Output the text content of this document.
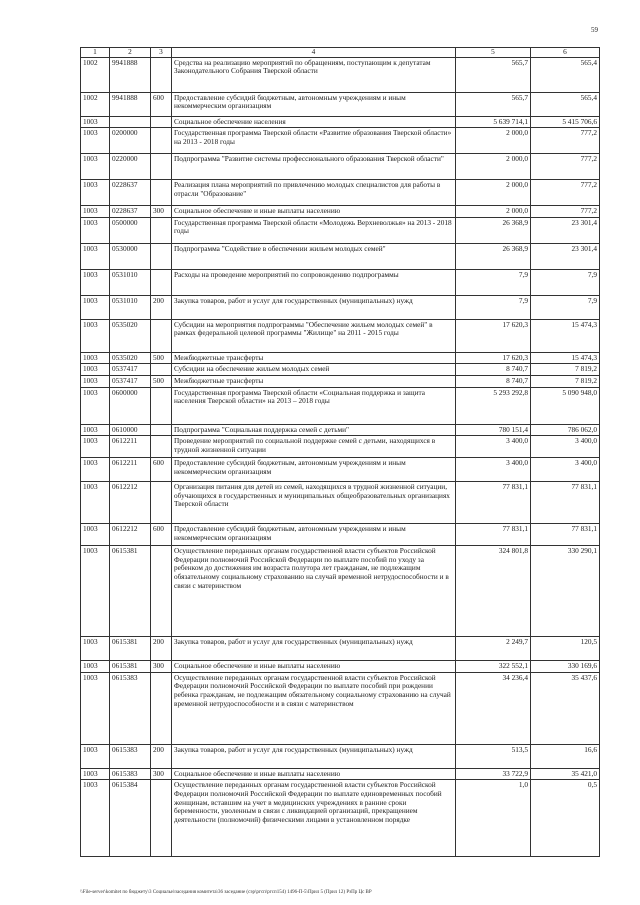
59
1	2	3	4	5	6
1002	9941888		Средства на реализацию мероприятий по обращениям, поступающим к депутатам Законодательного Собрания Тверской области	565,7	565,4
1002	9941888	600	Предоставление субсидий бюджетным, автономным учреждениям и иным некоммерческим организациям	565,7	565,4
1003			Социальное обеспечение населения	5 639 714,1	5 415 706,6
1003	0200000		Государственная программа Тверской области «Развитие образования Тверской области» на 2013 - 2018 годы	2 000,0	777,2
1003	0220000		Подпрограмма "Развитие системы профессионального образования Тверской области"	2 000,0	777,2
1003	0228637		Реализация плана мероприятий по привлечению молодых специалистов для работы в отрасли "Образование"	2 000,0	777,2
1003	0228637	300	Социальное обеспечение и иные выплаты населению	2 000,0	777,2
1003	0500000		Государственная программа Тверской области «Молодежь Верхневолжья» на 2013 - 2018 годы	26 368,9	23 301,4
1003	0530000		Подпрограмма "Содействие в обеспечении жильем молодых семей"	26 368,9	23 301,4
1003	0531010		Расходы на проведение мероприятий по сопровождению подпрограммы	7,9	7,9
1003	0531010	200	Закупка товаров, работ и услуг для государственных (муниципальных) нужд	7,9	7,9
1003	0535020		Субсидии на мероприятия подпрограммы "Обеспечение жильем молодых семей" в рамках федеральной целевой программы "Жилище" на 2011 - 2015 годы	17 620,3	15 474,3
1003	0535020	500	Межбюджетные трансферты	17 620,3	15 474,3
1003	0537417		Субсидии на обеспечение жильем молодых семей	8 740,7	7 819,2
1003	0537417	500	Межбюджетные трансферты	8 740,7	7 819,2
1003	0600000		Государственная программа Тверской области «Социальная поддержка и защита населения Тверской области» на 2013 – 2018 годы	5 293 292,8	5 090 948,0
1003	0610000		Подпрограмма "Социальная поддержка семей с детьми"	780 151,4	786 062,0
1003	0612211		Проведение мероприятий по социальной поддержке семей с детьми, находящихся в трудной жизненной ситуации	3 400,0	3 400,0
1003	0612211	600	Предоставление субсидий бюджетным, автономным учреждениям и иным некоммерческим организациям	3 400,0	3 400,0
1003	0612212		Организация питания для детей из семей, находящихся в трудной жизненной ситуации, обучающихся в государственных и муниципальных общеобразовательных организациях Тверской области	77 831,1	77 831,1
1003	0612212	600	Предоставление субсидий бюджетным, автономным учреждениям и иным некоммерческим организациям	77 831,1	77 831,1
1003	0615381		Осуществление переданных органам государственной власти субъектов Российской Федерации полномочий Российской Федерации по выплате пособий по уходу за ребенком до достижения им возраста полутора лет гражданам, не подлежащим обязательному социальному страхованию на случай временной нетрудоспособности и в связи с материнством	324 801,8	330 290,1
1003	0615381	200	Закупка товаров, работ и услуг для государственных (муниципальных) нужд	2 249,7	120,5
1003	0615381	300	Социальное обеспечение и иные выплаты населению	322 552,1	330 169,6
1003	0615383		Осуществление переданных органам государственной власти субъектов Российской Федерации полномочий Российской Федерации по выплате пособий при рождении ребенка гражданам, не подлежащим обязательному социальному страхованию на случай временной нетрудоспособности и в связи с материнством	34 236,4	35 437,6
1003	0615383	200	Закупка товаров, работ и услуг для государственных (муниципальных) нужд	513,5	16,6
1003	0615383	300	Социальное обеспечение и иные выплаты населению	33 722,9	35 421,0
1003	0615384		Осуществление переданных органам государственной власти субъектов Российской Федерации полномочий Российской Федерации по выплате единовременных пособий женщинам, вставшим на учет в медицинских учреждениях в ранние сроки беременности, уволенным в связи с ликвидацией организаций, прекращением деятельности (полномочий) физическими лицами в установленном порядке	1,0	0,5
\\File-server\komitet по бюджету\3 Социальн\заседания комитета\36 заседание (сэр\ргсп\ргсп154) 1496-П-5\Прил 5 (Прил 12) РзПр Цс ВР
